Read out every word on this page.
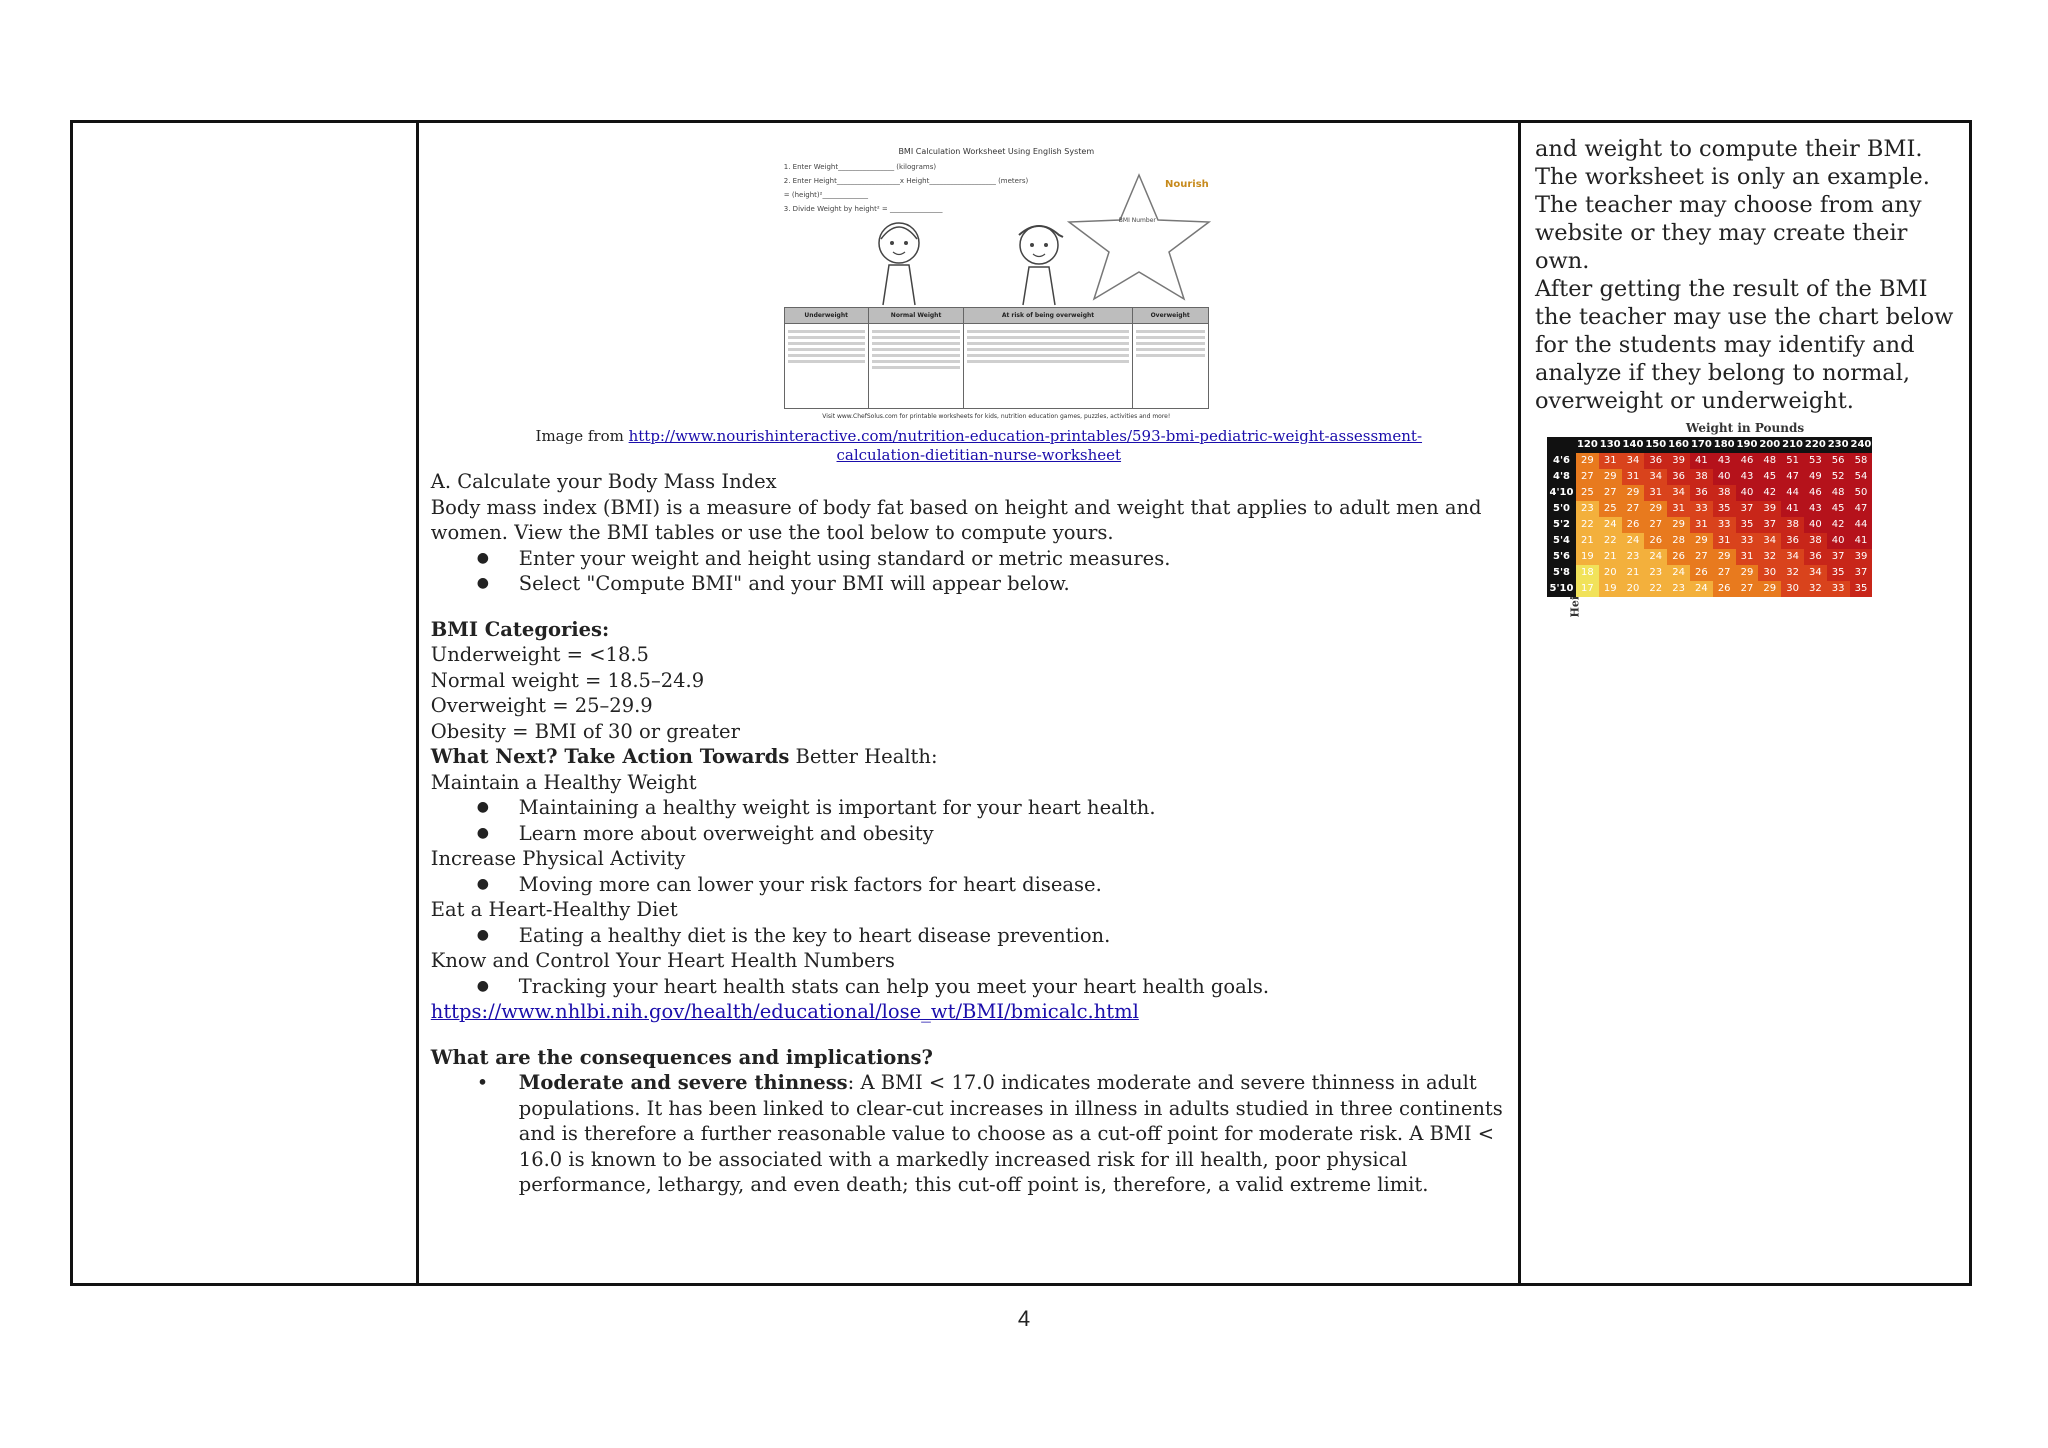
BMI Calculation Worksheet Using English System
1. Enter Weight________________ (kilograms)
2. Enter Height__________________x Height___________________ (meters)
= (height)²_____________
3. Divide Weight by height² = _______________
Nourish
BMI Number
Underweight	Normal Weight	At risk of being overweight	Overweight

Visit www.ChefSolus.com for printable worksheets for kids, nutrition education games, puzzles, activities and more!
Image from http://www.nourishinteractive.com/nutrition-education-printables/593-bmi-pediatric-weight-assessment-
calculation-dietitian-nurse-worksheet

A. Calculate your Body Mass Index

Body mass index (BMI) is a measure of body fat based on height and weight that applies to adult men and women. View the BMI tables or use the tool below to compute yours.

● Enter your weight and height using standard or metric measures.
● Select "Compute BMI" and your BMI will appear below.

BMI Categories:

Underweight = <18.5

Normal weight = 18.5–24.9

Overweight = 25–29.9

Obesity = BMI of 30 or greater

What Next? Take Action Towards Better Health:

Maintain a Healthy Weight

● Maintaining a healthy weight is important for your heart health.
● Learn more about overweight and obesity

Increase Physical Activity

● Moving more can lower your risk factors for heart disease.

Eat a Heart-Healthy Diet

● Eating a healthy diet is the key to heart disease prevention.

Know and Control Your Heart Health Numbers

● Tracking your heart health stats can help you meet your heart health goals.

https://www.nhlbi.nih.gov/health/educational/lose_wt/BMI/bmicalc.html

What are the consequences and implications?

• Moderate and severe thinness: A BMI < 17.0 indicates moderate and severe thinness in adult populations. It has been linked to clear-cut increases in illness in adults studied in three continents and is therefore a further reasonable value to choose as a cut-off point for moderate risk. A BMI < 16.0 is known to be associated with a markedly increased risk for ill health, poor physical performance, lethargy, and even death; this cut-off point is, therefore, a valid extreme limit.

and weight to compute their BMI. The worksheet is only an example. The teacher may choose from any website or they may create their own.

After getting the result of the BMI the teacher may use the chart below for the students may identify and analyze if they belong to normal, overweight or underweight.

Weight in Pounds
120 130 140 150 160 170 180 190 200 210 220 230 240
4'6	29	31	34	36	39	41	43	46	48	51	53	56	58
4'8	27	29	31	34	36	38	40	43	45	47	49	52	54
4'10 25	27	29	31	34	36	38	40	42	44	46	48	50
5'0	23	25	27	29	31	33	35	37	39	41	43	45	47
5'2	22	24	26	27	29	31	33	35	37	38	40	42	44
5'4	21	22	24	26	28	29	31	33	34	36	38	40	41
5'6	19	21	23	24	26	27	29	31	32	34	36	37	39
5'8	18	20	21	23	24	26	27	29	30	32	34	35	37
5'10 17	19	20	22	23	24	26	27	29	30	32	33	35
4
